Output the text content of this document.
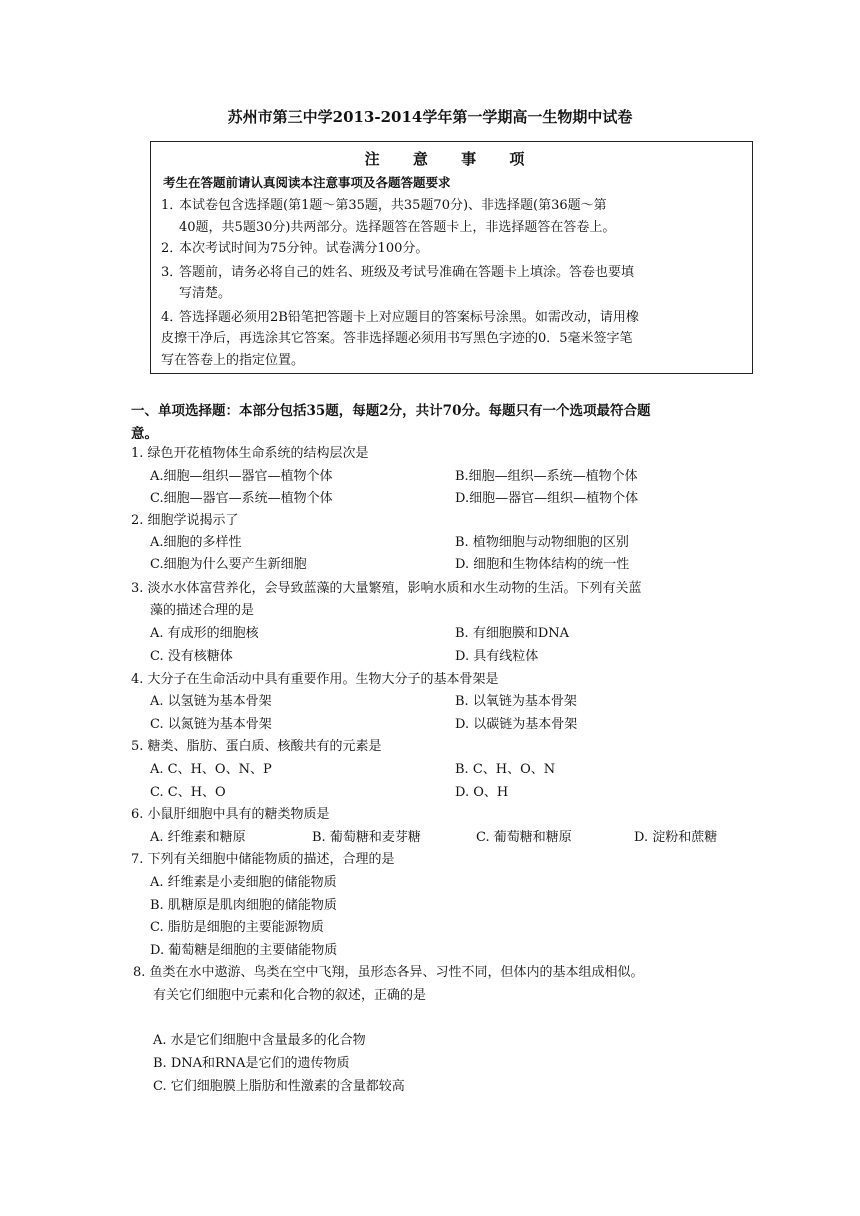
苏州市第三中学2013-2014学年第一学期高一生物期中试卷
注 意 事 项
考生在答题前请认真阅读本注意事项及各题答题要求
1．本试卷包含选择题(第1题～第35题，共35题70分)、非选择题(第36题～第
40题，共5题30分)共两部分。选择题答在答题卡上，非选择题答在答卷上。
2．本次考试时间为75分钟。试卷满分100分。
3．答题前，请务必将自己的姓名、班级及考试号准确在答题卡上填涂。答卷也要填
写清楚。
4．答选择题必须用2B铅笔把答题卡上对应题目的答案标号涂黑。如需改动，请用橡
皮擦干净后，再选涂其它答案。答非选择题必须用书写黑色字迹的0．5毫米签字笔
写在答卷上的指定位置。
一、单项选择题：本部分包括35题，每题2分，共计70分。每题只有一个选项最符合题
意。
1. 绿色开花植物体生命系统的结构层次是
A.细胞—组织—器官—植物个体	B.细胞—组织—系统—植物个体
C.细胞—器官—系统—植物个体	D.细胞—器官—组织—植物个体
2. 细胞学说揭示了
A.细胞的多样性	B. 植物细胞与动物细胞的区别
C.细胞为什么要产生新细胞	D. 细胞和生物体结构的统一性
3. 淡水水体富营养化，会导致蓝藻的大量繁殖，影响水质和水生动物的生活。下列有关蓝
藻的描述合理的是
A. 有成形的细胞核	B. 有细胞膜和DNA
C. 没有核糖体	D. 具有线粒体
4. 大分子在生命活动中具有重要作用。生物大分子的基本骨架是
A. 以氢链为基本骨架	B. 以氧链为基本骨架
C. 以氮链为基本骨架	D. 以碳链为基本骨架
5. 糖类、脂肪、蛋白质、核酸共有的元素是
A. C、H、O、N、P	B. C、H、O、N
C. C、H、O	D. O、H
6. 小鼠肝细胞中具有的糖类物质是
A. 纤维素和糖原	B. 葡萄糖和麦芽糖	C. 葡萄糖和糖原	D. 淀粉和蔗糖
7. 下列有关细胞中储能物质的描述，合理的是
A. 纤维素是小麦细胞的储能物质
B. 肌糖原是肌肉细胞的储能物质
C. 脂肪是细胞的主要能源物质
D. 葡萄糖是细胞的主要储能物质
8. 鱼类在水中遨游、鸟类在空中飞翔，虽形态各异、习性不同，但体内的基本组成相似。
有关它们细胞中元素和化合物的叙述，正确的是
A. 水是它们细胞中含量最多的化合物
B. DNA和RNA是它们的遗传物质
C. 它们细胞膜上脂肪和性激素的含量都较高
